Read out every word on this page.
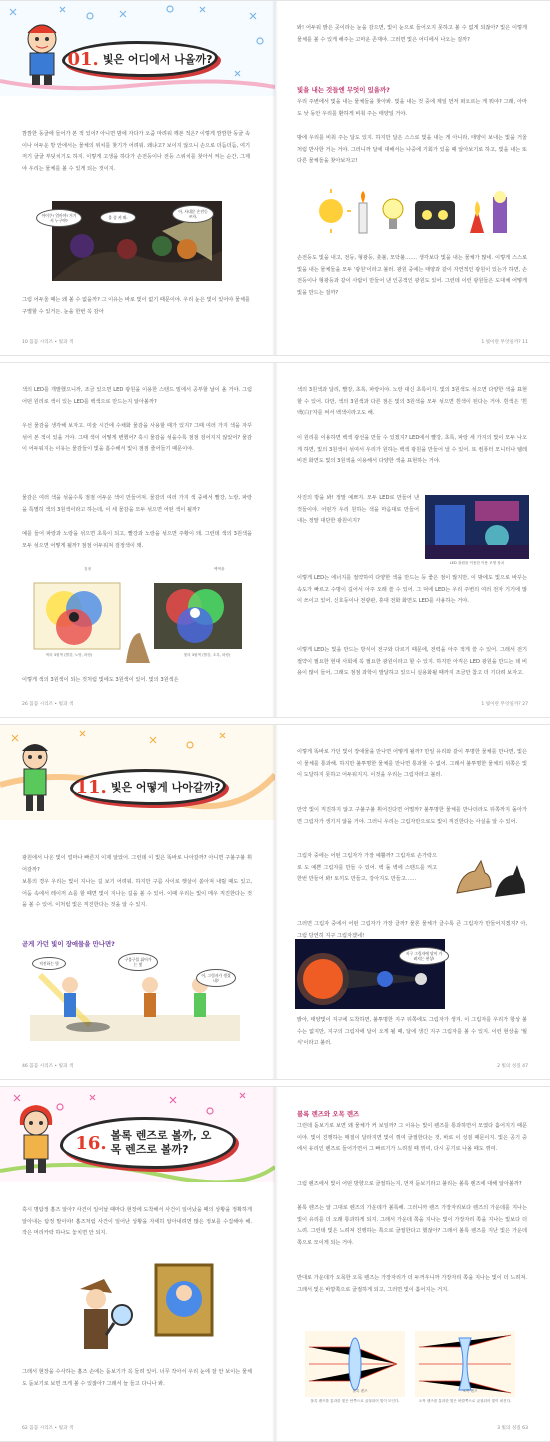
01. 빛은 어디에서 나올까?

깜깜한 동굴에 들어가 본 적 있어? 아니면 밤에 자다가 오줌 마려워 깨본 적은? 이렇게 깜깜한 동굴 속이나 어두운 방 안에서는 물체의 위치를 찾기가 어려워. 왜냐고? 보이지 않으니 손으로 더듬더듬, 여기저기 굴굴 부딪치기도 하지. 이렇게 고생을 하다가 손전등이나 전등 스위치를 찾아서 켜는 순간, 그제야 우리는 물체를 볼 수 있게 되는 것이지.

아이쿠! 엄마야! 거기서 누구야?
불 좀 켜 봐.
아, 사대문 손전등 쓰자.

그럼 어두울 때는 왜 볼 수 없을까? 그 이유는 바로 빛이 없기 때문이야. 우리 눈은 빛이 있어야 물체를 구별할 수 있거든. 눈을 한번 꼭 감아

10 꼼꼼 시리즈 • 빛과 색

봐! 어두워 밝은 곳이라는 눈을 감으면, 빛이 눈으로 들어오지 못하고 볼 수 없게 되잖아? 빛은 이렇게 물체를 볼 수 있게 해주는 고마운 존재야. 그러면 빛은 어디에서 나오는 걸까?

빛을 내는 것들엔 무엇이 있을까?

우리 주변에서 빛을 내는 물체들을 찾아봐. 빛을 내는 것 중에 제일 먼저 떠오르는 게 뭐야? 그래, 아마도 낮 동안 우리를 환하게 비춰 주는 태양일 거야.

밖에 우리를 비춰 주는 달도 있지. 하지만 달은 스스로 빛을 내는 게 아니라, 태양이 보내는 빛을 거울처럼 반사한 거는 거야. 그러니까 달에 대해서는 나중에 기회가 있을 때 알아보기로 하고, 빛을 내는 또 다른 물체들을 찾아보자고!

손전등도 빛을 내고, 전등, 형광등, 촛불, 모닥불……. 생각보다 빛을 내는 물체가 많네. 이렇게 스스로 빛을 내는 물체들을 모두 '광원'이라고 불러. 광원 중에는 태양과 같이 자연적인 광원이 있는가 하면, 손전등이나 형광등과 같이 사람이 만들어 낸 인공적인 광원도 있어. 그런데 이런 광원들은 도대체 어떻게 빛을 만드는 걸까?

1 빛이란 무엇일까? 11

색의 LED를 개발했으니까, 조금 있으면 LED 광원을 이용한 스탠드 밑에서 공부할 날이 올 거야. 그럼 어떤 원리로 색이 있는 LED를 백색으로 만드는지 알아볼까?

우선 물감을 생각해 보자고. 미술 시간에 수채화 물감을 사용할 때가 있지? 그때 여러 가지 색을 자꾸 섞어 본 적이 있을 거야. 그때 색이 어떻게 변했어? 혹시 물감을 섞을수록 점점 검어지지 않았어? 물감이 어두워지는 이유는 물감들이 빛을 흡수해서 빛이 점점 줄어들기 때문이야.

물감은 여러 색을 섞을수록 점점 어두운 색이 만들어져. 물감의 여러 가지 색 중에서 빨강, 노랑, 파랑을 특별히 색의 3원색이라고 하는데, 이 세 물감을 모두 섞으면 어떤 색이 될까?

예를 들어 파랑과 노랑을 섞으면 초록이 되고, 빨강과 노랑을 섞으면 주황이 돼. 그런데 색의 3원색을 모두 섞으면 어떻게 될까? 점점 어두워져 검정색이 돼.

검정	백색광
색의 3원색 (빨강, 노랑, 파랑)	빛의 3원색 (빨강, 초록, 파랑)

이렇게 색의 3원색이 되는 것처럼 빛에도 3원색이 있어. 빛의 3원색은

26 꼼꼼 시리즈 • 빛과 색

색의 3원색과 달리, 빨강, 초록, 파랑이야. 노랑 대신 초록이지. 빛의 3원색도 섞으면 다양한 색을 표현할 수 있어. 다만, 색의 3원색과 다른 점은 빛의 3원색을 모두 섞으면 흰색이 된다는 거야. 흰색은 '흰 백(白)'자를 써서 백색이라고도 해.

이 원리를 이용하면 백색 광선을 만들 수 있겠지? LED에서 빨강, 초록, 파랑 세 가지의 빛이 모두 나오게 하면, 빛의 3원색이 섞여서 우리가 원하는 백색 광원을 만들어 낼 수 있어. 또 컴퓨터 모니터나 텔레비전 화면도 빛의 3원색을 이용해서 다양한 색을 표현하는 거야.

사진의 방을 봐! 정말 예쁘지. 모두 LED로 만들어 낸 것들이야. 어떤가 우리 원하는 색을 마음대로 만들어 내는 정말 대단한 광원이지?

LED 광원을 이용한 이용 조명 장치

이렇게 LED는 에너지를 절약하여 다양한 색을 만드는 등 좋은 점이 많지만, 이 밖에도 빛으로 바꾸는 속도가 빠르고 수명이 길어서 아주 오래 쓸 수 있어. 그 덕에 LED는 우리 주변의 여러 전자 기기에 많이 쓰이고 있어. 신호등이나 전광판, 휴대 전화 화면도 LED를 사용하는 거야.

이렇게 LED는 빛을 만드는 방식이 전구와 다르기 때문에, 전력을 아주 적게 쓸 수 있어. 그래서 전기 절약이 필요한 현대 사회에 꼭 필요한 광원이라고 할 수 있지. 하지만 아직은 LED 광원을 만드는 데 비용이 많이 들어, 그래도 점점 과학이 발달하고 있으니 실용화될 때까지 조금만 참고 더 기다려 보자고.

1 빛이란 무엇일까? 27
11. 빛은 어떻게 나아갈까?

광원에서 나온 빛이 얼마나 빠른지 이제 알았어. 그런데 이 빛은 똑바로 나아갈까? 아니면 구불구불 휘어갈까?

보통의 경우 우리는 빛이 지나는 길 보기 어려워. 하지만 구름 사이로 햇살이 쏟아져 내릴 때도 있고, 어둠 속에서 레이저 쇼를 할 때면 빛이 지나는 길을 볼 수 있어. 이때 우리는 빛이 매우 직진한다는 것을 볼 수 있어. 이처럼 빛은 직진한다는 것을 알 수 있지.

곧게 가던 빛이 장애물을 만나면?

직진하는 빛
구불구불 휘어가는 빛
어, 그림자가 생겼네?
46 꼼꼼 시리즈 • 빛과 색

이렇게 똑바로 가던 빛이 장애물을 만나면 어떻게 될까? 만일 유리와 같이 투명한 물체를 만나면, 빛은 이 물체를 통과해. 하지만 불투명한 물체를 만나면 통과할 수 없어. 그래서 불투명한 물체의 뒤쪽은 빛이 도달하지 못하고 어두워지지. 이것을 우리는 그림자라고 불러.

만약 빛이 직진하지 않고 구불구불 휘어진다면 어떨까? 불투명한 물체를 만나더라도 뒤쪽까지 돌아가면 그림자가 생기지 않을 거야. 그러니 우리는 그림자만으로도 빛이 직진한다는 사실을 알 수 있어.

그림자 중에는 어떤 그림자가 가장 예쁠까? 그림자로 손가락으로 도 예쁜 그림자를 만들 수 있어. 벽 돌 벽에 스탠드를 켜고 한번 만들어 봐! 토끼도 만들고, 강아지도 만들고……

그러면 그림자 중에서 어떤 그림자가 가장 클까? 물론 물체가 클수록 큰 그림자가 만들어지겠지? 아, 그럼 당연히 지구 그림자겠네!

지구 그림자에 달이 가려지는 현상!

밝아, 태양빛이 지구에 도착하면, 불투명한 지구 뒤쪽에도 그림자가 생겨. 이 그림자를 우리가 항상 볼 수는 없지만, 지구의 그림자에 달이 오게 될 때, 달에 생긴 지구 그림자를 볼 수 있지. 이런 현상을 '월식'이라고 불러.

2 빛의 성질 47
16. 볼록 렌즈로 볼까, 오목 렌즈로 볼까?

혹시 명탐정 홈즈 알아? 사건이 일어날 때마다 현장에 도착해서 사건이 일어났을 때의 상황을 정확하게 알아내는 탐정 말이야! 홈즈처럼 사건이 일어난 상황을 자세히 알아내려면 많은 정보를 수집해야 해. 작은 머리카락 하나도 놓치면 안 되지.

그래서 현장을 수사하는 홈즈 손에는 돋보기가 꼭 들려 있어. 너무 작아서 우리 눈에 잘 안 보이는 물체도 돋보기로 보면 크게 볼 수 있잖아? 그래서 늘 들고 다니나 봐.

62 꼼꼼 시리즈 • 빛과 색

볼록 렌즈와 오목 렌즈

그런데 돋보기로 보면 왜 물체가 커 보일까? 그 이유는 빛이 렌즈를 통과하면서 모였다 흩어지기 때문이야. 빛이 진행하는 매질이 달라지면 빛이 꺾여 굴절한다는 것, 바로 이 성질 때문이지. 빛은 공기 중에서 유리인 렌즈로 들어가면서 그 빠르기가 느려질 때 꺾여, 다시 공기로 나올 때도 꺾여.

그럼 렌즈에서 빛이 어떤 방향으로 굴절하는지, 먼저 돋보기라고 불리는 볼록 렌즈에 대해 알아볼까?

볼록 렌즈는 알 그대로 렌즈의 가운데가 볼록해. 그러니까 렌즈 가장자리보다 렌즈의 가운데를 지나는 빛이 유리를 더 오래 통과하게 되지. 그래서 가운데 쪽을 지나는 빛이 가장자리 쪽을 지나는 빛보다 더 느려. 그런데 빛은 느려져 진행하는 쪽으로 굴절한다고 했잖아? 그래서 볼록 렌즈를 지난 빛은 가운데 쪽으로 모이게 되는 거야.

반대로 가운데가 오목한 오목 렌즈는 가장자리가 더 두꺼우니까 가장자리 쪽을 지나는 빛이 더 느려져. 그래서 빛은 바깥쪽으로 굴절하게 되고, 그러면 빛이 흩어지는 거지.

볼록 렌즈	오목 렌즈
볼록 렌즈를 통과한 빛은 안쪽으로 굴절되어 빛이 모인다.	오목 렌즈를 통과한 빛은 바깥쪽으로 굴절되어 빛이 퍼진다.
3 빛의 성질 63
